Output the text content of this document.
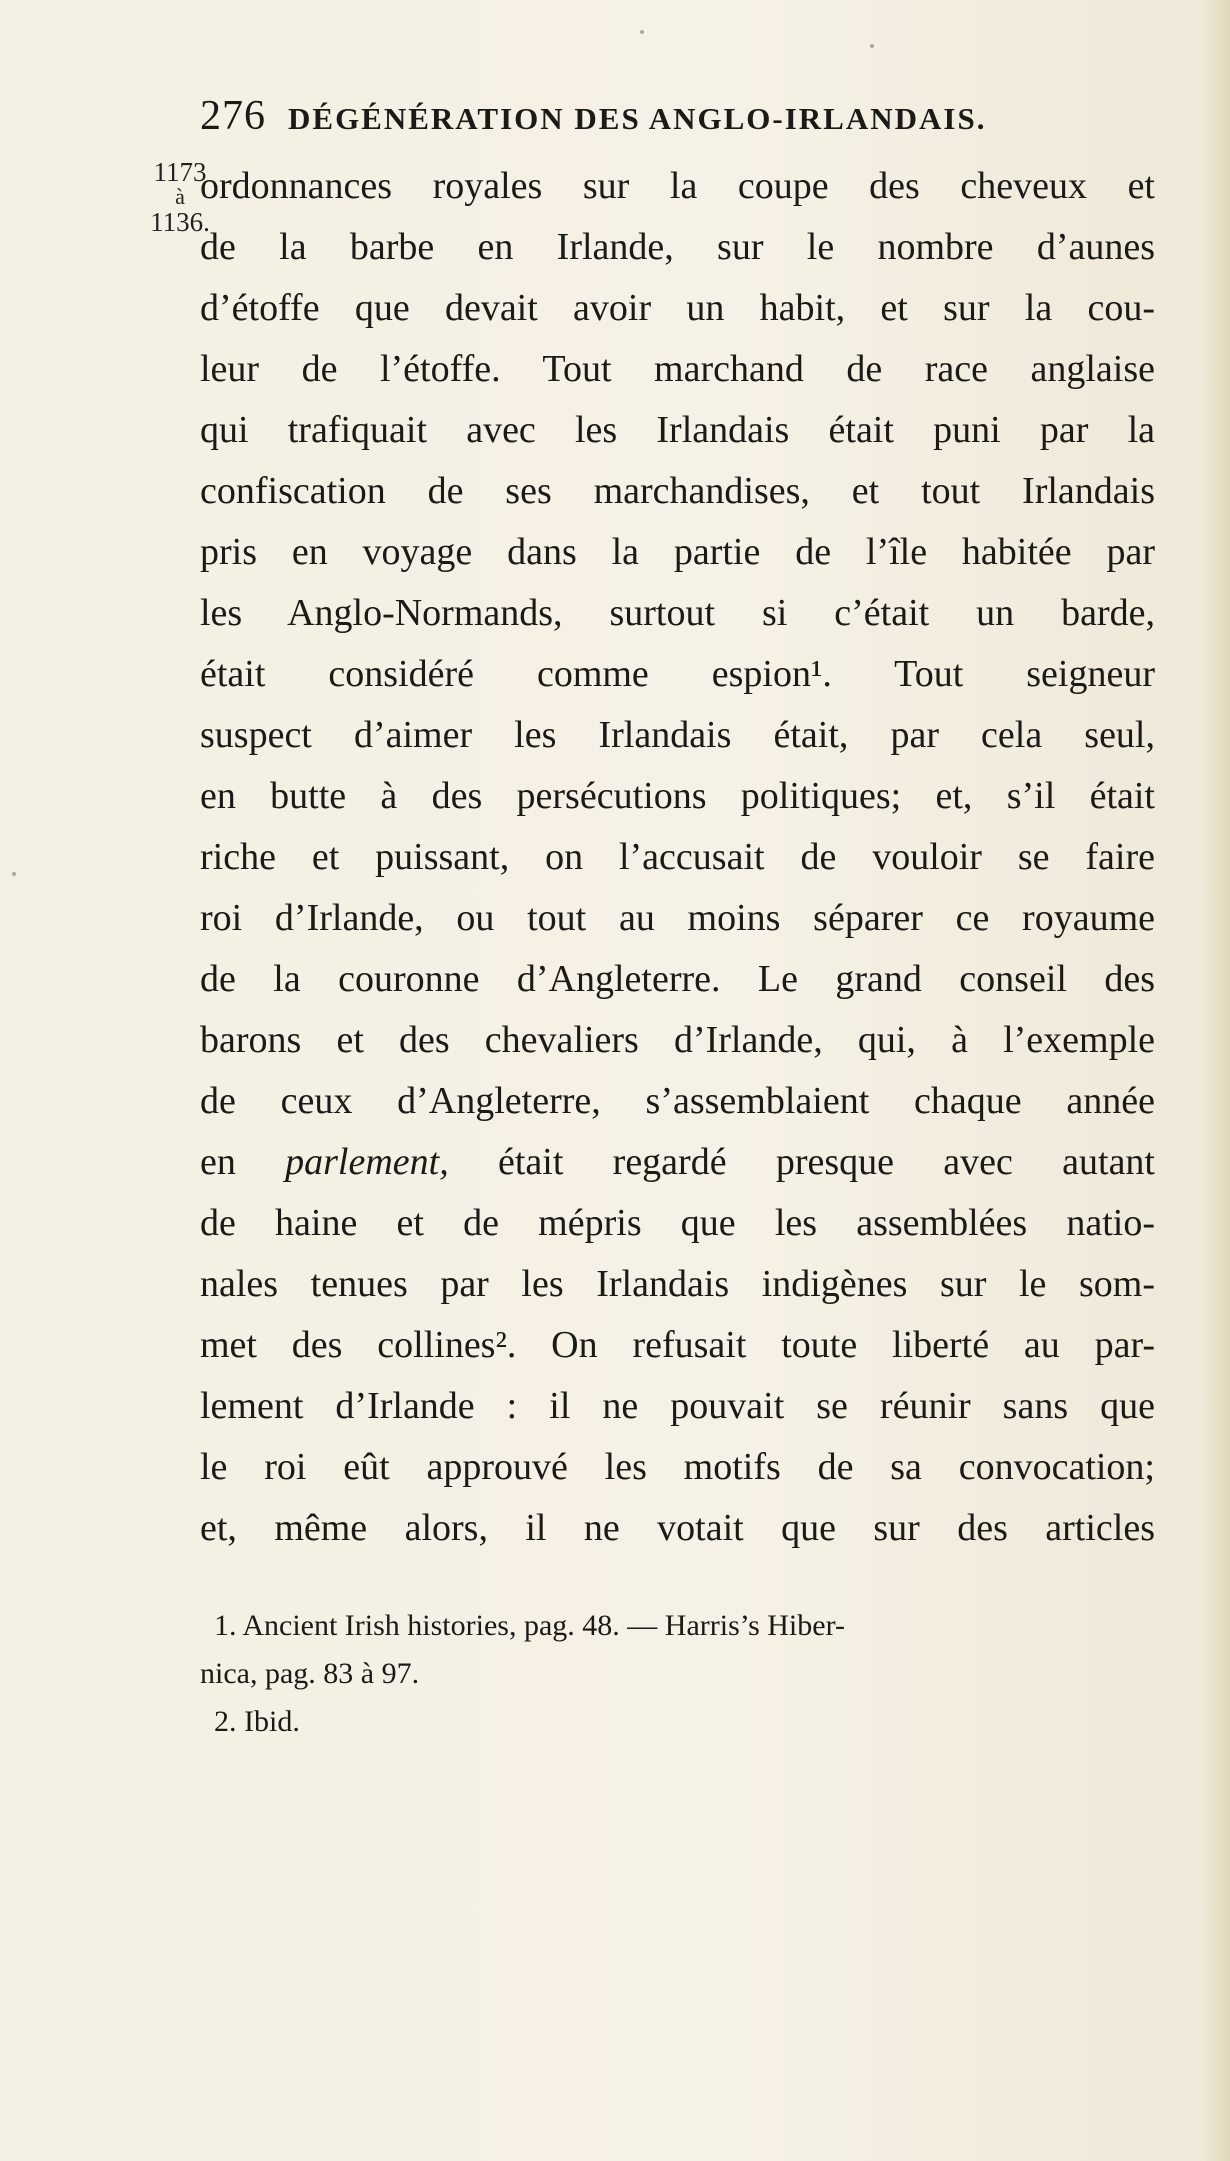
276 DÉGÉNÉRATION DES ANGLO-IRLANDAIS.
1173
à
1136.
ordonnances royales sur la coupe des cheveux et
de la barbe en Irlande, sur le nombre d’aunes
d’étoffe que devait avoir un habit, et sur la cou-
leur de l’étoffe. Tout marchand de race anglaise
qui trafiquait avec les Irlandais était puni par la
confiscation de ses marchandises, et tout Irlandais
pris en voyage dans la partie de l’île habitée par
les Anglo-Normands, surtout si c’était un barde,
était considéré comme espion¹. Tout seigneur
suspect d’aimer les Irlandais était, par cela seul,
en butte à des persécutions politiques; et, s’il était
riche et puissant, on l’accusait de vouloir se faire
roi d’Irlande, ou tout au moins séparer ce royaume
de la couronne d’Angleterre. Le grand conseil des
barons et des chevaliers d’Irlande, qui, à l’exemple
de ceux d’Angleterre, s’assemblaient chaque année
en parlement, était regardé presque avec autant
de haine et de mépris que les assemblées natio-
nales tenues par les Irlandais indigènes sur le som-
met des collines². On refusait toute liberté au par-
lement d’Irlande : il ne pouvait se réunir sans que
le roi eût approuvé les motifs de sa convocation;
et, même alors, il ne votait que sur des articles
1. Ancient Irish histories, pag. 48. — Harris’s Hiber-
nica, pag. 83 à 97.
2. Ibid.
